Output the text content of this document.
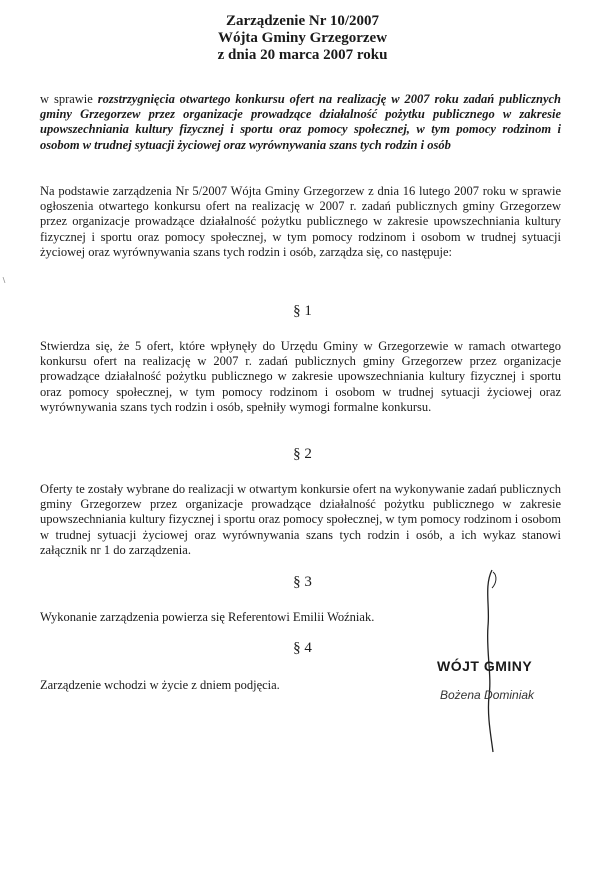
Zarządzenie Nr 10/2007
Wójta Gminy Grzegorzew
z dnia 20 marca 2007 roku
w sprawie rozstrzygnięcia otwartego konkursu ofert na realizację w 2007 roku zadań publicznych gminy Grzegorzew przez organizacje prowadzące działalność pożytku publicznego w zakresie upowszechniania kultury fizycznej i sportu oraz pomocy społecznej, w tym pomocy rodzinom i osobom w trudnej sytuacji życiowej oraz wyrównywania szans tych rodzin i osób
Na podstawie zarządzenia Nr 5/2007 Wójta Gminy Grzegorzew z dnia 16 lutego 2007 roku w sprawie ogłoszenia otwartego konkursu ofert na realizację w 2007 r. zadań publicznych gminy Grzegorzew przez organizacje prowadzące działalność pożytku publicznego w zakresie upowszechniania kultury fizycznej i sportu oraz pomocy społecznej, w tym pomocy rodzinom i osobom w trudnej sytuacji życiowej oraz wyrównywania szans tych rodzin i osób, zarządza się, co następuje:
§ 1
Stwierdza się, że 5 ofert, które wpłynęły do Urzędu Gminy w Grzegorzewie w ramach otwartego konkursu ofert na realizację w 2007 r. zadań publicznych gminy Grzegorzew przez organizacje prowadzące działalność pożytku publicznego w zakresie upowszechniania kultury fizycznej i sportu oraz pomocy społecznej, w tym pomocy rodzinom i osobom w trudnej sytuacji życiowej oraz wyrównywania szans tych rodzin i osób, spełniły wymogi formalne konkursu.
§ 2
Oferty te zostały wybrane do realizacji w otwartym konkursie ofert na wykonywanie zadań publicznych gminy Grzegorzew przez organizacje prowadzące działalność pożytku publicznego w zakresie upowszechniania kultury fizycznej i sportu oraz pomocy społecznej, w tym pomocy rodzinom i osobom w trudnej sytuacji życiowej oraz wyrównywania szans tych rodzin i osób, a ich wykaz stanowi załącznik nr 1 do zarządzenia.
§ 3
Wykonanie zarządzenia powierza się Referentowi Emilii Woźniak.
§ 4
Zarządzenie wchodzi w życie z dniem podjęcia.
WÓJT GMINY
Bożena Dominiak
